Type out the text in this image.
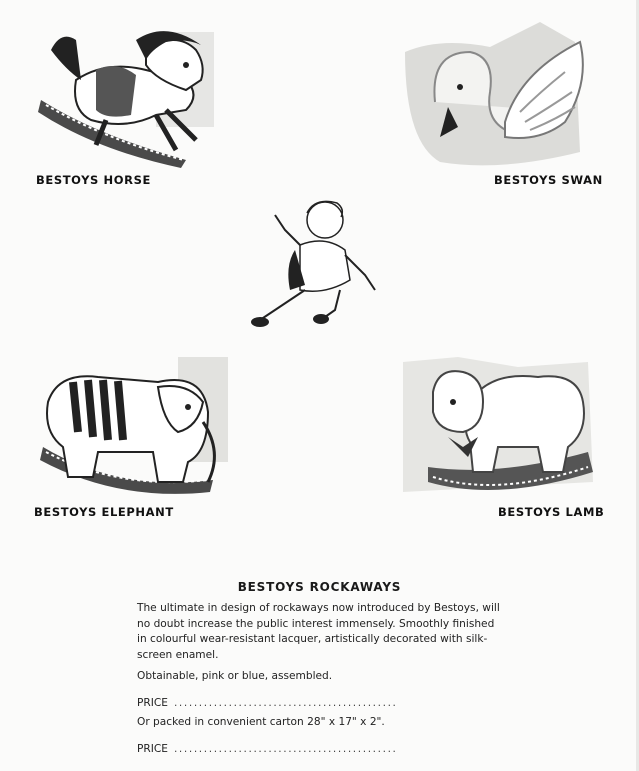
BESTOYS HORSE	BESTOYS SWAN
BESTOYS ELEPHANT	BESTOYS LAMB
BESTOYS ROCKAWAYS

The ultimate in design of rockaways now introduced by Bestoys, will no doubt increase the public interest immensely. Smoothly finished in colourful wear-resistant lacquer, artistically decorated with silk-screen enamel.

Obtainable, pink or blue, assembled.

PRICE .............................................
Or packed in convenient carton 28" x 17" x 2".
PRICE .............................................
